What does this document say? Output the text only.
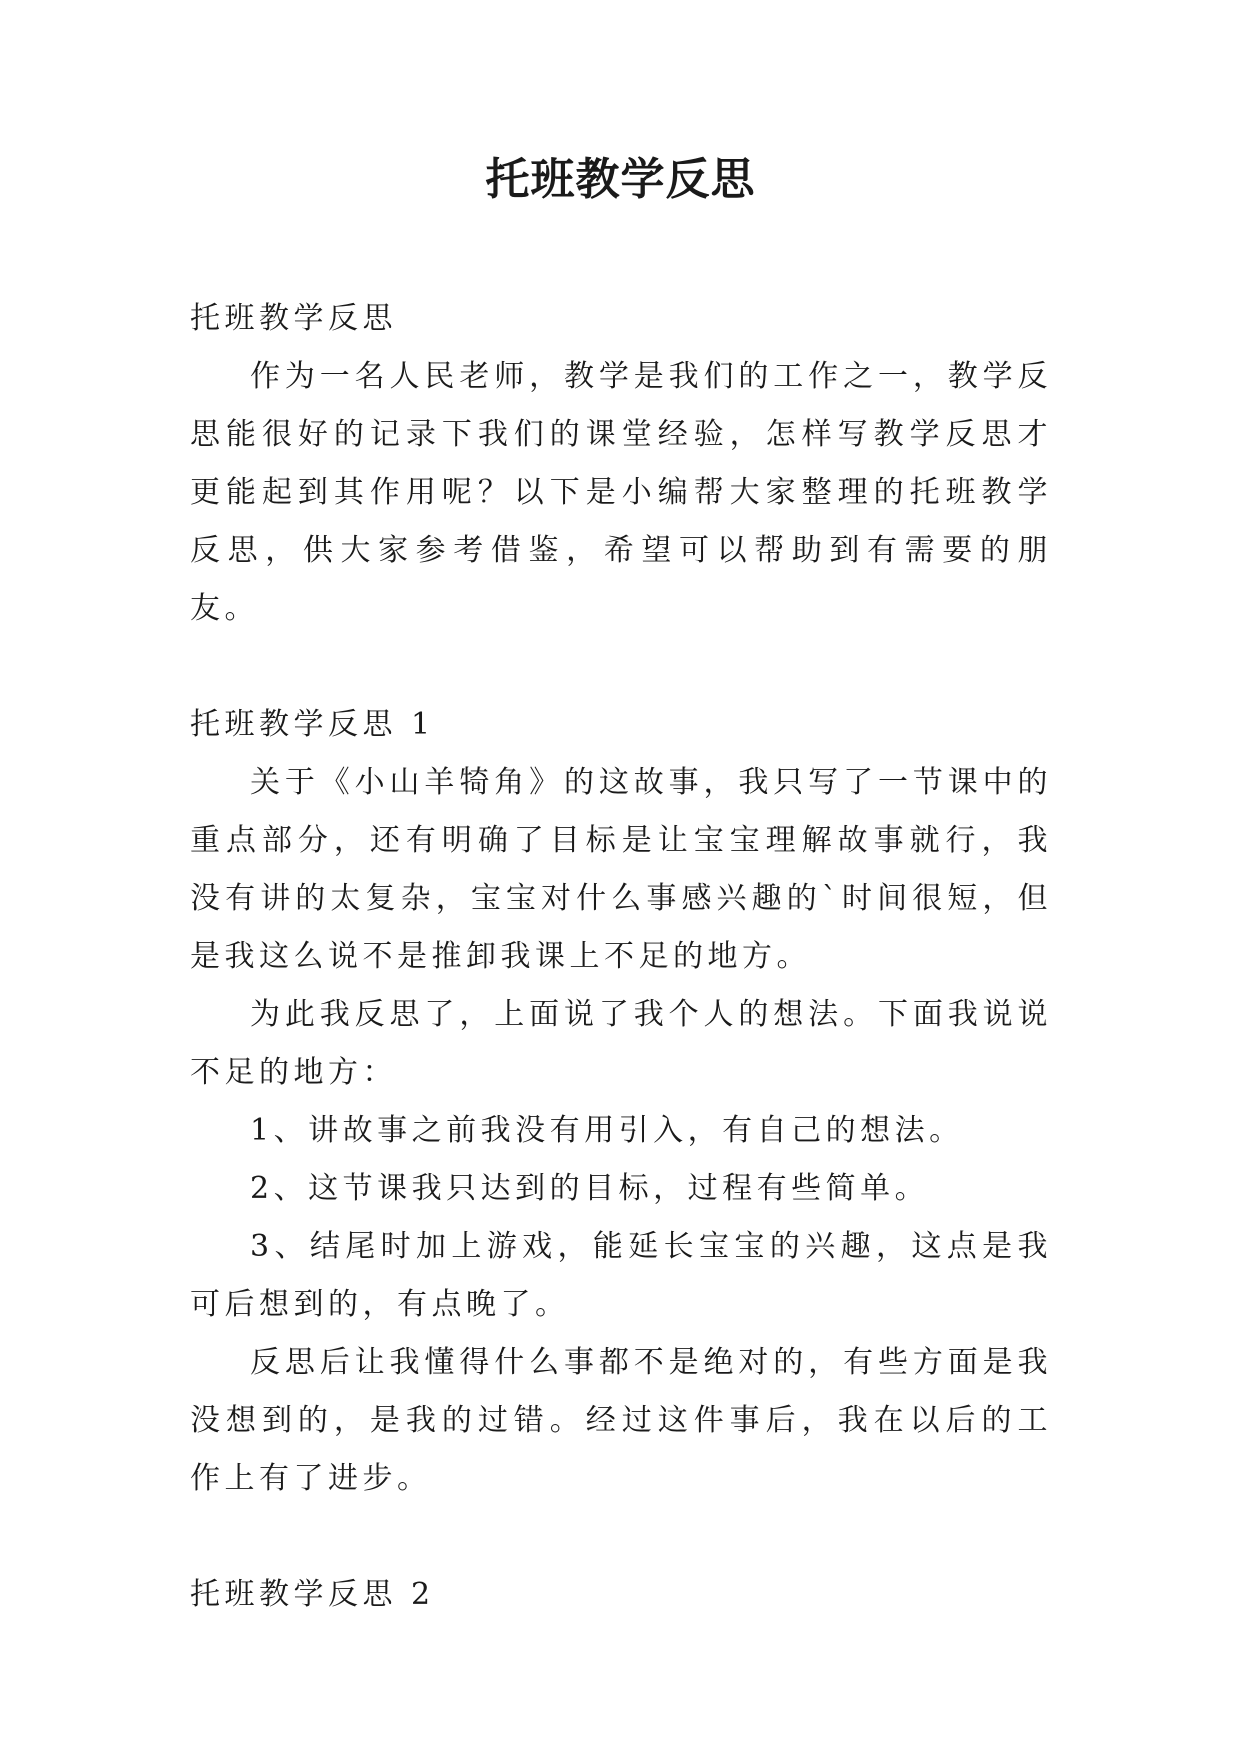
托班教学反思

托班教学反思

作为一名人民老师，教学是我们的工作之一，教学反思能很好的记录下我们的课堂经验，怎样写教学反思才更能起到其作用呢？以下是小编帮大家整理的托班教学反思，供大家参考借鉴，希望可以帮助到有需要的朋友。

托班教学反思 1

关于《小山羊犄角》的这故事，我只写了一节课中的重点部分，还有明确了目标是让宝宝理解故事就行，我没有讲的太复杂，宝宝对什么事感兴趣的`时间很短，但是我这么说不是推卸我课上不足的地方。

为此我反思了，上面说了我个人的想法。下面我说说不足的地方：

1、讲故事之前我没有用引入，有自己的想法。

2、这节课我只达到的目标，过程有些简单。

3、结尾时加上游戏，能延长宝宝的兴趣，这点是我可后想到的，有点晚了。

反思后让我懂得什么事都不是绝对的，有些方面是我没想到的，是我的过错。经过这件事后，我在以后的工作上有了进步。

托班教学反思 2
